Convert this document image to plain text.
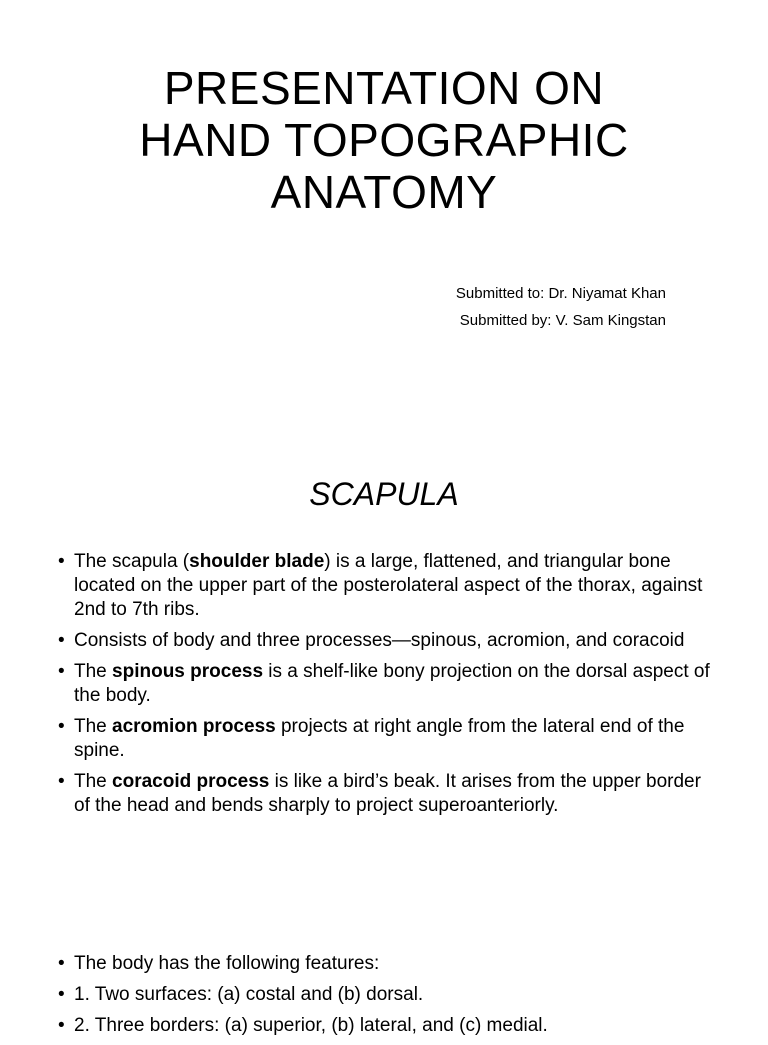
PRESENTATION ON
HAND TOPOGRAPHIC
ANATOMY
Submitted to: Dr. Niyamat Khan
Submitted by: V. Sam Kingstan
SCAPULA
• The scapula (shoulder blade) is a large, flattened, and triangular bone located on the upper part of the posterolateral aspect of the thorax, against 2nd to 7th ribs.
• Consists of body and three processes—spinous, acromion, and coracoid
• The spinous process is a shelf-like bony projection on the dorsal aspect of the body.
• The acromion process projects at right angle from the lateral end of the spine.
• The coracoid process is like a bird’s beak. It arises from the upper border of the head and bends sharply to project superoanteriorly.
• The body has the following features:
• 1. Two surfaces: (a) costal and (b) dorsal.
• 2. Three borders: (a) superior, (b) lateral, and (c) medial.
